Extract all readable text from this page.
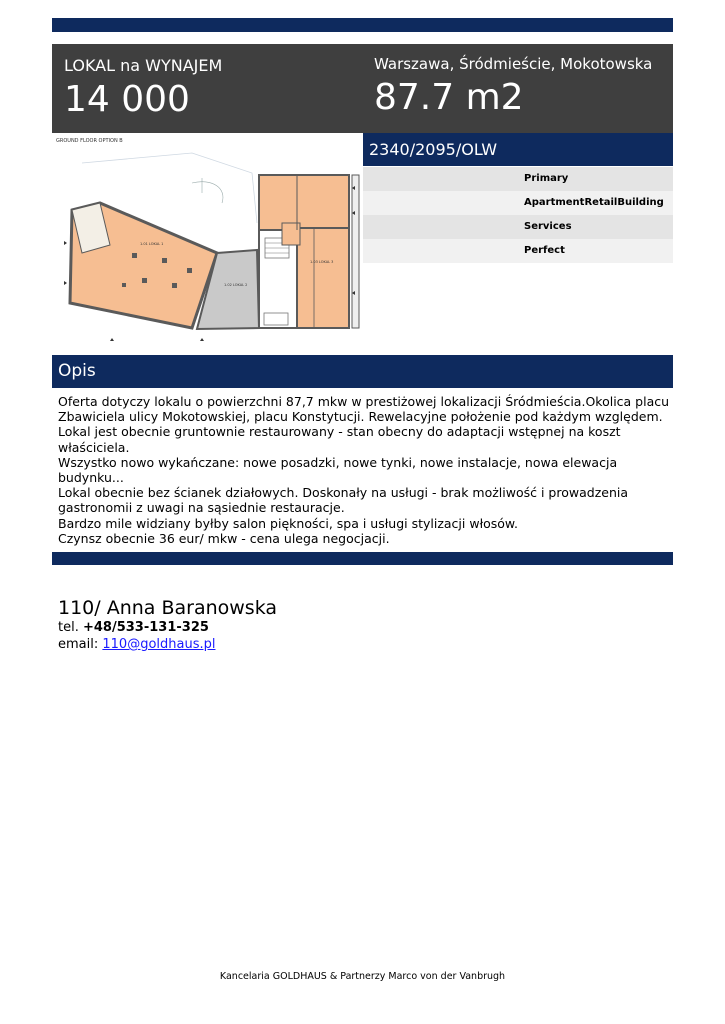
LOKAL na WYNAJEM
14 000
Warszawa, Śródmieście, Mokotowska
87.7 m2
GROUND FLOOR OPTION B
1.01 LOKAL 1
1.02 LOKAL 2
1.03 LOKAL 3
2340/2095/OLW
Primary
ApartmentRetailBuilding
Services
Perfect
Opis
Oferta dotyczy lokalu o powierzchni 87,7 mkw w prestiżowej lokalizacji Śródmieścia.Okolica placu
Zbawiciela ulicy Mokotowskiej, placu Konstytucji. Rewelacyjne położenie pod każdym względem.
Lokal jest obecnie gruntownie restaurowany - stan obecny do adaptacji wstępnej na koszt
właściciela.
Wszystko nowo wykańczane: nowe posadzki, nowe tynki, nowe instalacje, nowa elewacja
budynku...
Lokal obecnie bez ścianek działowych. Doskonały na usługi - brak możliwość i prowadzenia
gastronomii z uwagi na sąsiednie restauracje.
Bardzo mile widziany byłby salon piękności, spa i usługi stylizacji włosów.
Czynsz obecnie 36 eur/ mkw - cena ulega negocjacji.
110/ Anna Baranowska
tel. +48/533-131-325
email: 110@goldhaus.pl
Kancelaria GOLDHAUS & Partnerzy Marco von der Vanbrugh
